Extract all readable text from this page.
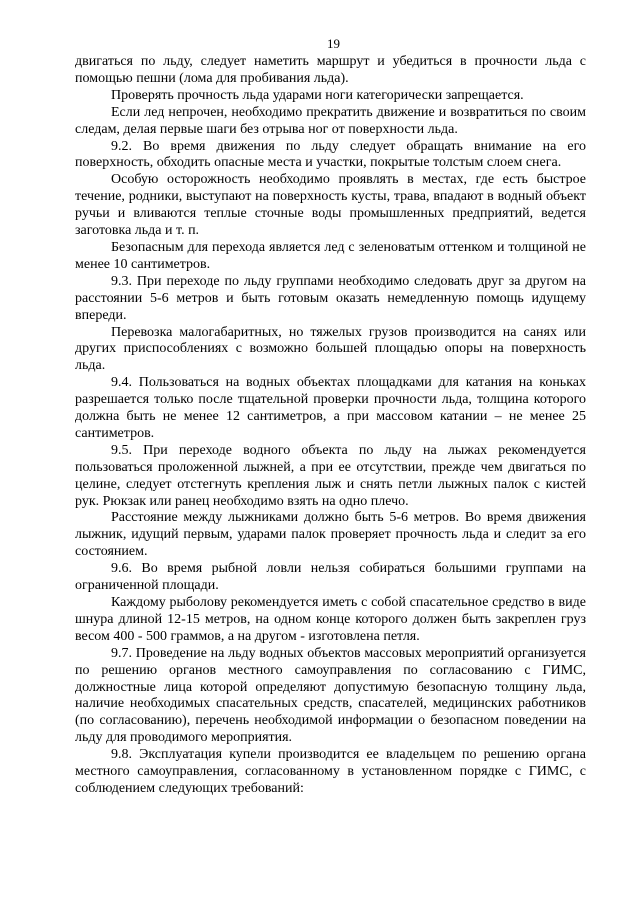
19

двигаться по льду, следует наметить маршрут и убедиться в прочности льда с помощью пешни (лома для пробивания льда).

Проверять прочность льда ударами ноги категорически запрещается.

Если лед непрочен, необходимо прекратить движение и возвратиться по своим следам, делая первые шаги без отрыва ног от поверхности льда.

9.2. Во время движения по льду следует обращать внимание на его поверхность, обходить опасные места и участки, покрытые толстым слоем снега.

Особую осторожность необходимо проявлять в местах, где есть быстрое течение, родники, выступают на поверхность кусты, трава, впадают в водный объект ручьи и вливаются теплые сточные воды промышленных предприятий, ведется заготовка льда и т. п.

Безопасным для перехода является лед с зеленоватым оттенком и толщиной не менее 10 сантиметров.

9.3. При переходе по льду группами необходимо следовать друг за другом на расстоянии 5-6 метров и быть готовым оказать немедленную помощь идущему впереди.

Перевозка малогабаритных, но тяжелых грузов производится на санях или других приспособлениях с возможно большей площадью опоры на поверхность льда.

9.4. Пользоваться на водных объектах площадками для катания на коньках разрешается только после тщательной проверки прочности льда, толщина которого должна быть не менее 12 сантиметров, а при массовом катании – не менее 25 сантиметров.

9.5. При переходе водного объекта по льду на лыжах рекомендуется пользоваться проложенной лыжней, а при ее отсутствии, прежде чем двигаться по целине, следует отстегнуть крепления лыж и снять петли лыжных палок с кистей рук. Рюкзак или ранец необходимо взять на одно плечо.

Расстояние между лыжниками должно быть 5-6 метров. Во время движения лыжник, идущий первым, ударами палок проверяет прочность льда и следит за его состоянием.

9.6. Во время рыбной ловли нельзя собираться большими группами на ограниченной площади.

Каждому рыболову рекомендуется иметь с собой спасательное средство в виде шнура длиной 12-15 метров, на одном конце которого должен быть закреплен груз весом 400 - 500 граммов, а на другом - изготовлена петля.

9.7. Проведение на льду водных объектов массовых мероприятий организуется по решению органов местного самоуправления по согласованию с ГИМС, должностные лица которой определяют допустимую безопасную толщину льда, наличие необходимых спасательных средств, спасателей, медицинских работников (по согласованию), перечень необходимой информации о безопасном поведении на льду для проводимого мероприятия.

9.8. Эксплуатация купели производится ее владельцем по решению органа местного самоуправления, согласованному в установленном порядке с ГИМС, с соблюдением следующих требований:
